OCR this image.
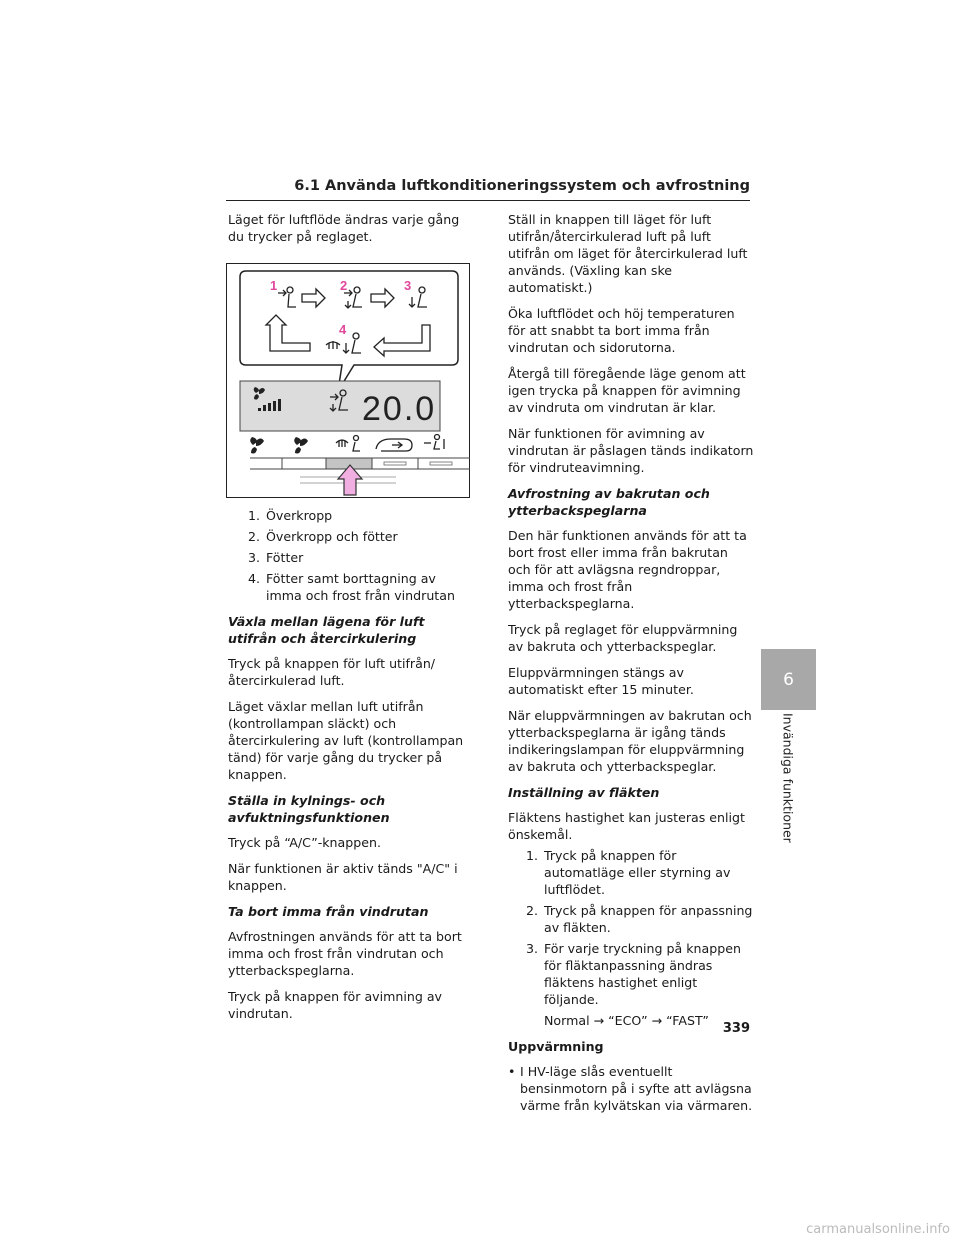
6.1 Använda luftkonditioneringssystem och avfrostning

Läget för luftflöde ändras varje gång du trycker på reglaget.

1	2	3
4
20.0
1. Överkropp
2. Överkropp och fötter
3. Fötter
4. Fötter samt borttagning av imma och frost från vindrutan

Växla mellan lägena för luft utifrån och återcirkulering

Tryck på knappen för luft utifrån/återcirkulerad luft.

Läget växlar mellan luft utifrån (kontrollampan släckt) och återcirkulering av luft (kontrollampan tänd) för varje gång du trycker på knappen.

Ställa in kylnings- och avfuktningsfunktionen

Tryck på “A/C”-knappen.

När funktionen är aktiv tänds "A/C" i knappen.

Ta bort imma från vindrutan

Avfrostningen används för att ta bort imma och frost från vindrutan och ytterbackspeglarna.

Tryck på knappen för avimning av vindrutan.

Ställ in knappen till läget för luft utifrån/återcirkulerad luft på luft utifrån om läget för återcirkulerad luft används. (Växling kan ske automatiskt.)

Öka luftflödet och höj temperaturen för att snabbt ta bort imma från vindrutan och sidorutorna.

Återgå till föregående läge genom att igen trycka på knappen för avimning av vindruta om vindrutan är klar.

När funktionen för avimning av vindrutan är påslagen tänds indikatorn för vindruteavimning.

Avfrostning av bakrutan och ytterbackspeglarna

Den här funktionen används för att ta bort frost eller imma från bakrutan och för att avlägsna regndroppar, imma och frost från ytterbackspeglarna.

Tryck på reglaget för eluppvärmning av bakruta och ytterbackspeglar.

Eluppvärmningen stängs av automatiskt efter 15 minuter.

När eluppvärmningen av bakrutan och ytterbackspeglarna är igång tänds indikeringslampan för eluppvärmning av bakruta och ytterbackspeglar.

Inställning av fläkten

Fläktens hastighet kan justeras enligt önskemål.

1. Tryck på knappen för automatläge eller styrning av luftflödet.
2. Tryck på knappen för anpassning av fläkten.
3. För varje tryckning på knappen för fläktanpassning ändras fläktens hastighet enligt följande.

Normal → “ECO” → “FAST”

Uppvärmning

• I HV-läge slås eventuellt bensinmotorn på i syfte att avlägsna värme från kylvätskan via värmaren.
6
Invändiga funktioner
339
carmanualsonline.info
